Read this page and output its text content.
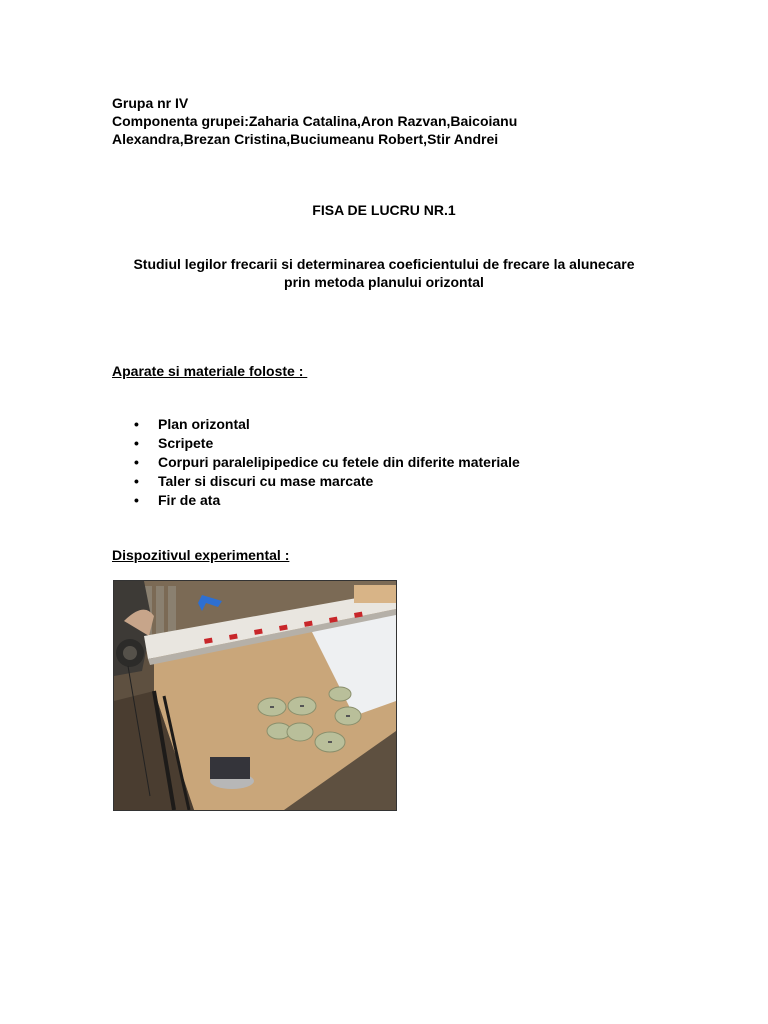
Grupa nr IV
Componenta grupei:Zaharia Catalina,Aron Razvan,Baicoianu
Alexandra,Brezan Cristina,Buciumeanu Robert,Stir Andrei
FISA DE LUCRU NR.1
Studiul legilor frecarii si determinarea coeficientului de frecare la alunecare
prin metoda planului orizontal
Aparate si materiale foloste :
• Plan orizontal
• Scripete
• Corpuri paralelipipedice cu fetele din diferite materiale
• Taler si discuri cu mase marcate
• Fir de ata
Dispozitivul experimental :
